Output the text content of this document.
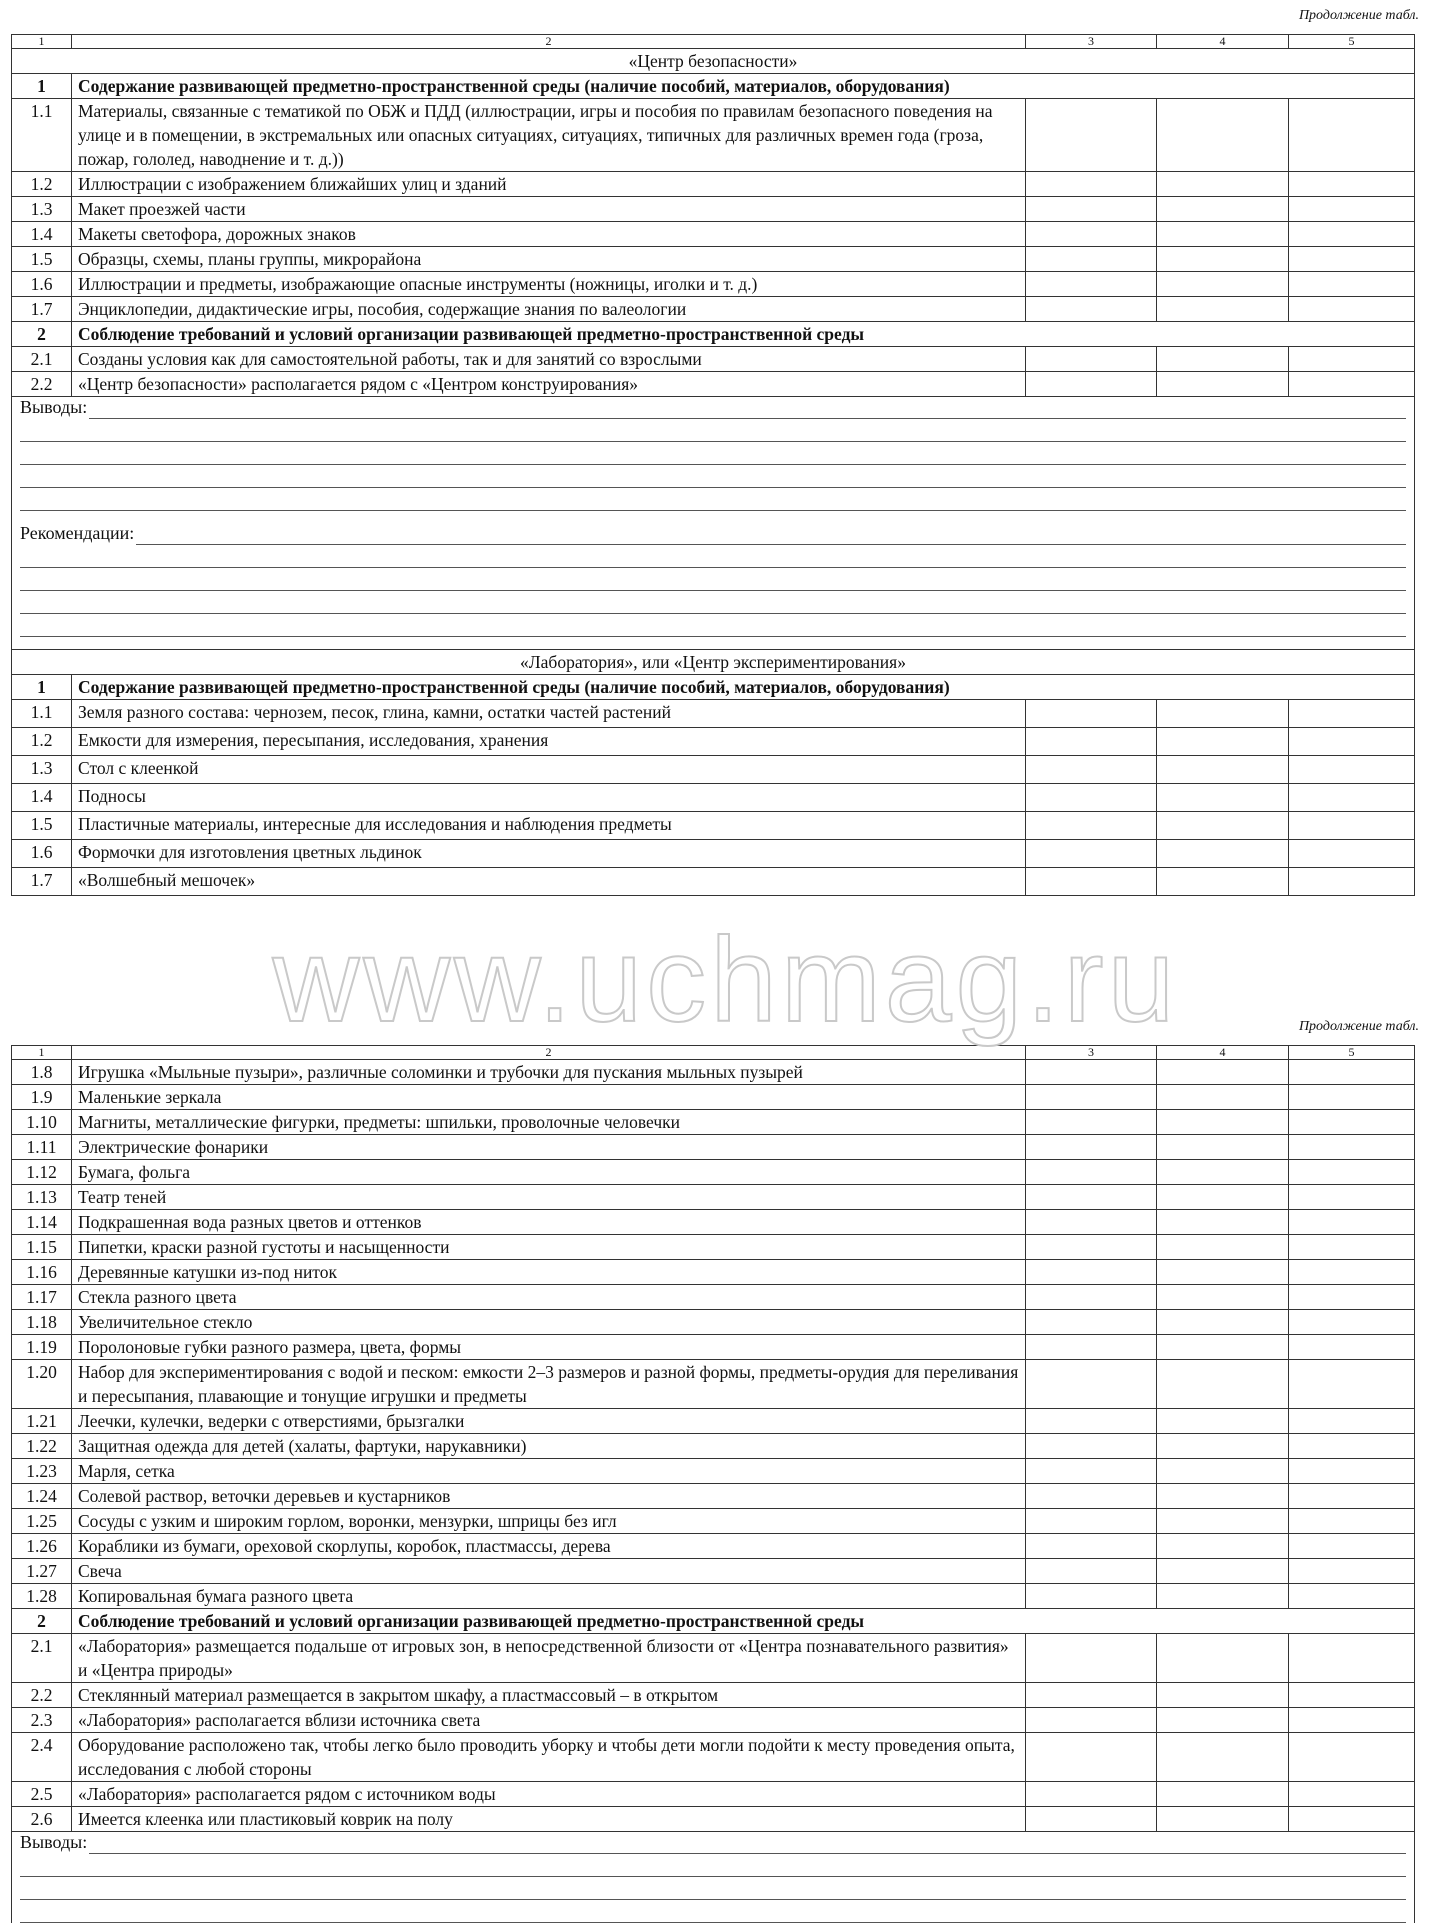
Продолжение табл.
1	2	3	4	5
«Центр безопасности»				
1	Содержание развивающей предметно-пространственной среды (наличие пособий, материалов, оборудования)			
1.1	Материалы, связанные с тематикой по ОБЖ и ПДД (иллюстрации, игры и пособия по правилам безопасного поведения на улице и в помещении, в экстремальных или опасных ситуациях, ситуациях, типичных для различных времен года (гроза, пожар, гололед, наводнение и т. д.))			
1.2	Иллюстрации с изображением ближайших улиц и зданий			
1.3	Макет проезжей части			
1.4	Макеты светофора, дорожных знаков			
1.5	Образцы, схемы, планы группы, микрорайона			
1.6	Иллюстрации и предметы, изображающие опасные инструменты (ножницы, иголки и т. д.)			
1.7	Энциклопедии, дидактические игры, пособия, содержащие знания по валеологии			
2	Соблюдение требований и условий организации развивающей предметно-пространственной среды			
2.1	Созданы условия как для самостоятельной работы, так и для занятий со взрослыми			
2.2	«Центр безопасности» располагается рядом с «Центром конструирования»			

Выводы:
Рекомендации:				

«Лаборатория», или «Центр экспериментирования»				
1	Содержание развивающей предметно-пространственной среды (наличие пособий, материалов, оборудования)			
1.1	Земля разного состава: чернозем, песок, глина, камни, остатки частей растений			
1.2	Емкости для измерения, пересыпания, исследования, хранения			
1.3	Стол с клеенкой			
1.4	Подносы			
1.5	Пластичные материалы, интересные для исследования и наблюдения предметы			
1.6	Формочки для изготовления цветных льдинок			
1.7	«Волшебный мешочек»			
Продолжение табл.
1	2	3	4	5
1.8	Игрушка «Мыльные пузыри», различные соломинки и трубочки для пускания мыльных пузырей			
1.9	Маленькие зеркала			
1.10	Магниты, металлические фигурки, предметы: шпильки, проволочные человечки			
1.11	Электрические фонарики			
1.12	Бумага, фольга			
1.13	Театр теней			
1.14	Подкрашенная вода разных цветов и оттенков			
1.15	Пипетки, краски разной густоты и насыщенности			
1.16	Деревянные катушки из-под ниток			
1.17	Стекла разного цвета			
1.18	Увеличительное стекло			
1.19	Поролоновые губки разного размера, цвета, формы			
1.20	Набор для экспериментирования с водой и песком: емкости 2–3 размеров и разной формы, предметы-орудия для переливания и пересыпания, плавающие и тонущие игрушки и предметы			
1.21	Леечки, кулечки, ведерки с отверстиями, брызгалки			
1.22	Защитная одежда для детей (халаты, фартуки, нарукавники)			
1.23	Марля, сетка			
1.24	Солевой раствор, веточки деревьев и кустарников			
1.25	Сосуды с узким и широким горлом, воронки, мензурки, шприцы без игл			
1.26	Кораблики из бумаги, ореховой скорлупы, коробок, пластмассы, дерева			
1.27	Свеча			
1.28	Копировальная бумага разного цвета			
2	Соблюдение требований и условий организации развивающей предметно-пространственной среды			
2.1	«Лаборатория» размещается подальше от игровых зон, в непосредственной близости от «Центра познавательного развития» и «Центра природы»			
2.2	Стеклянный материал размещается в закрытом шкафу, а пластмассовый – в открытом			
2.3	«Лаборатория» располагается вблизи источника света			
2.4	Оборудование расположено так, чтобы легко было проводить уборку и чтобы дети могли подойти к месту проведения опыта, исследования с любой стороны			
2.5	«Лаборатория» располагается рядом с источником воды			
2.6	Имеется клеенка или пластиковый коврик на полу			

Выводы:				
www.uchmag.ru
